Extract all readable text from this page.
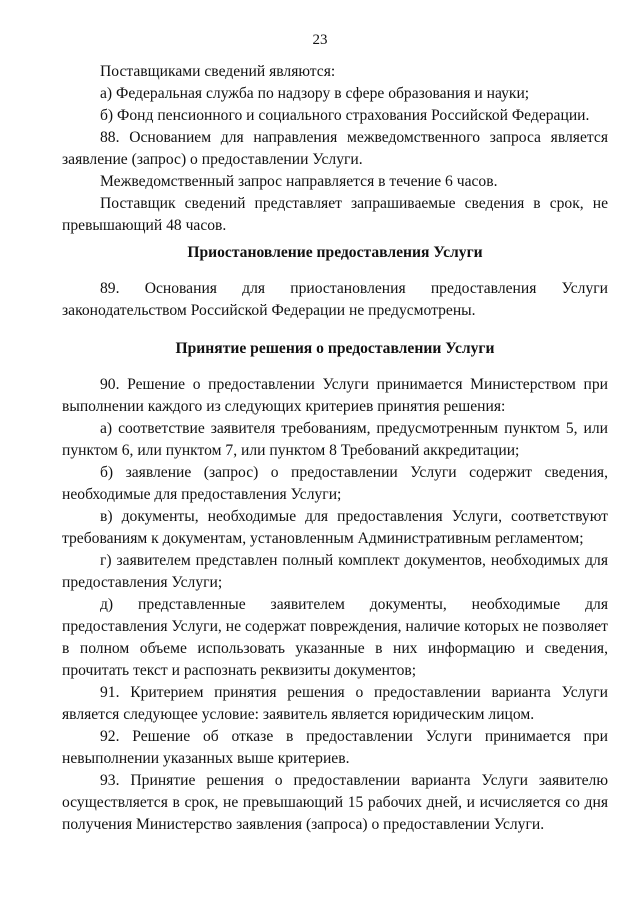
23

Поставщиками сведений являются:

а) Федеральная служба по надзору в сфере образования и науки;

б) Фонд пенсионного и социального страхования Российской Федерации.

88. Основанием для направления межведомственного запроса является заявление (запрос) о предоставлении Услуги.

Межведомственный запрос направляется в течение 6 часов.

Поставщик сведений представляет запрашиваемые сведения в срок, не превышающий 48 часов.

Приостановление предоставления Услуги

89. Основания для приостановления предоставления Услуги законодательством Российской Федерации не предусмотрены.

Принятие решения о предоставлении Услуги

90. Решение о предоставлении Услуги принимается Министерством при выполнении каждого из следующих критериев принятия решения:

а) соответствие заявителя требованиям, предусмотренным пунктом 5, или пунктом 6, или пунктом 7, или пунктом 8 Требований аккредитации;

б) заявление (запрос) о предоставлении Услуги содержит сведения, необходимые для предоставления Услуги;

в) документы, необходимые для предоставления Услуги, соответствуют требованиям к документам, установленным Административным регламентом;

г) заявителем представлен полный комплект документов, необходимых для предоставления Услуги;

д) представленные заявителем документы, необходимые для предоставления Услуги, не содержат повреждения, наличие которых не позволяет в полном объеме использовать указанные в них информацию и сведения, прочитать текст и распознать реквизиты документов;

91. Критерием принятия решения о предоставлении варианта Услуги является следующее условие: заявитель является юридическим лицом.

92. Решение об отказе в предоставлении Услуги принимается при невыполнении указанных выше критериев.

93. Принятие решения о предоставлении варианта Услуги заявителю осуществляется в срок, не превышающий 15 рабочих дней, и исчисляется со дня получения Министерство заявления (запроса) о предоставлении Услуги.
